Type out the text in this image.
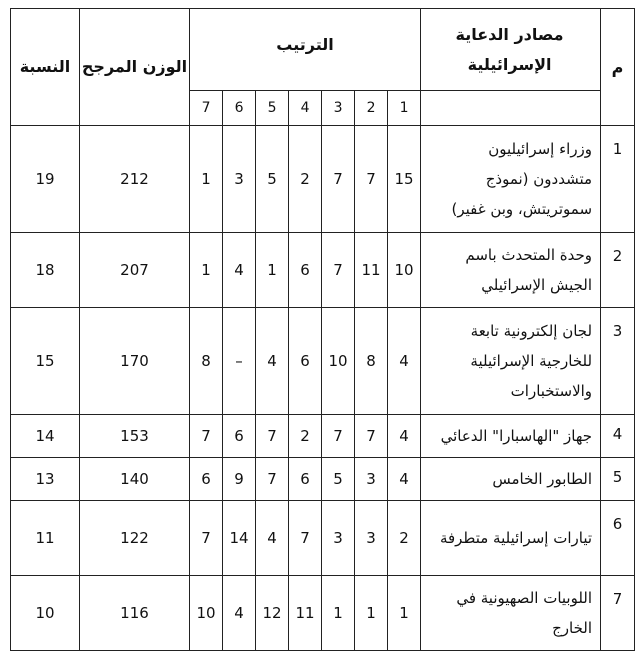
م	مصادر الدعاية الإسرائيلية	الترتيب							الوزن المرجح	النسبة
		1	2	3	4	5	6	7		
1	وزراء إسرائيليون متشددون (نموذج سموتريتش، وبن غفير)	15	7	7	2	5	3	1	212	19
2	وحدة المتحدث باسم الجيش الإسرائيلي	10	11	7	6	1	4	1	207	18
3	لجان إلكترونية تابعة للخارجية الإسرائيلية والاستخبارات	4	8	10	6	4	–	8	170	15
4	جهاز "الهاسبارا" الدعائي	4	7	7	2	7	6	7	153	14
5	الطابور الخامس	4	3	5	6	7	9	6	140	13
6	تيارات إسرائيلية متطرفة	2	3	3	7	4	14	7	122	11
7	اللوبيات الصهيونية في الخارج	1	1	1	11	12	4	10	116	10
